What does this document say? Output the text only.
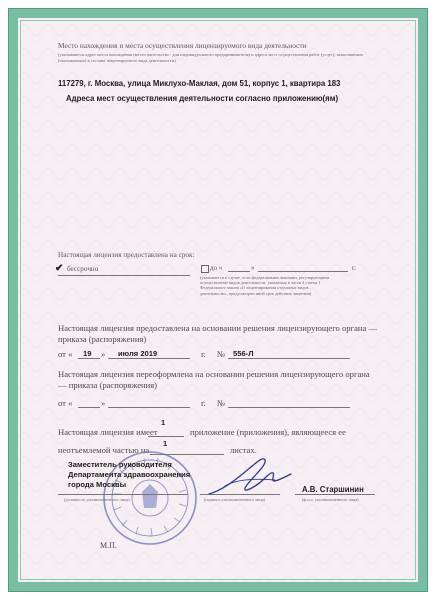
Место нахождения и места осуществления лицензируемого вида деятельности
(указываются адрес места нахождения (место жительства - для индивидуального предпринимателя) и адреса мест осуществления работ (услуг), выполняемых (оказываемых) в составе лицензируемого вида деятельности)
117279, г. Москва, улица Миклухо-Маклая, дом 51, корпус 1, квартира 183
Адреса мест осуществления деятельности согласно приложению(ям)
Настоящая лицензия предоставлена на срок:
✔ бессрочно	до «	»	г.
(указывается в случае, если федеральными законами, регулирующими осуществление видов деятельности, указанных в части 4 статьи 1 Федерального закона «О лицензировании отдельных видов деятельности», предусмотрен иной срок действия лицензии)
Настоящая лицензия предоставлена на основании решения лицензирующего органа — приказа (распоряжения)
от « 19 » июля 2019	г. № 556-Л
Настоящая лицензия переоформлена на основании решения лицензирующего органа — приказа (распоряжения)
от «	»	г. №
Настоящая лицензия имеет
1
приложение (приложения), являющееся ее
неотъемлемой частью на
1
листах.
Заместитель руководителя Департамента здравоохранения города Москвы
(подпись уполномоченного лица)
А.В. Старшинин
(ф.и.о. уполномоченного лица)
(должность уполномоченного лица)
М.П.
